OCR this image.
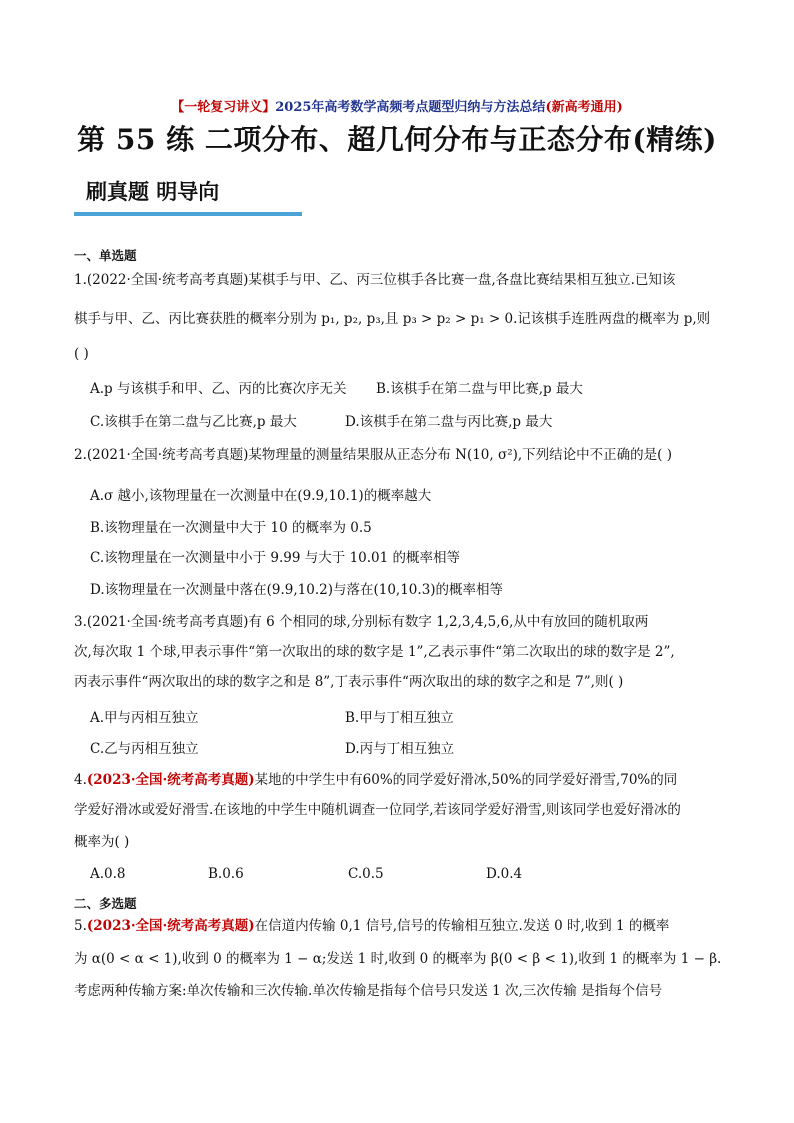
【一轮复习讲义】2025年高考数学高频考点题型归纳与方法总结(新高考通用)
第 55 练 二项分布、超几何分布与正态分布(精练)
刷真题 明导向
一、单选题
1.(2022·全国·统考高考真题)某棋手与甲、乙、丙三位棋手各比赛一盘,各盘比赛结果相互独立.已知该
棋手与甲、乙、丙比赛获胜的概率分别为 p₁, p₂, p₃,且 p₃ > p₂ > p₁ > 0.记该棋手连胜两盘的概率为 p,则
( )
A.p 与该棋手和甲、乙、丙的比赛次序无关 B.该棋手在第二盘与甲比赛,p 最大
C.该棋手在第二盘与乙比赛,p 最大	D.该棋手在第二盘与丙比赛,p 最大
2.(2021·全国·统考高考真题)某物理量的测量结果服从正态分布 N(10, σ²),下列结论中不正确的是( )
A.σ 越小,该物理量在一次测量中在(9.9,10.1)的概率越大
B.该物理量在一次测量中大于 10 的概率为 0.5
C.该物理量在一次测量中小于 9.99 与大于 10.01 的概率相等
D.该物理量在一次测量中落在(9.9,10.2)与落在(10,10.3)的概率相等
3.(2021·全国·统考高考真题)有 6 个相同的球,分别标有数字 1,2,3,4,5,6,从中有放回的随机取两
次,每次取 1 个球,甲表示事件“第一次取出的球的数字是 1”,乙表示事件“第二次取出的球的数字是 2”,
丙表示事件“两次取出的球的数字之和是 8”,丁表示事件“两次取出的球的数字之和是 7”,则( )
A.甲与丙相互独立	B.甲与丁相互独立
C.乙与丙相互独立	D.丙与丁相互独立
4.(2023·全国·统考高考真题)某地的中学生中有60%的同学爱好滑冰,50%的同学爱好滑雪,70%的同
学爱好滑冰或爱好滑雪.在该地的中学生中随机调查一位同学,若该同学爱好滑雪,则该同学也爱好滑冰的
概率为( )
A.0.8	B.0.6	C.0.5	D.0.4
二、多选题
5.(2023·全国·统考高考真题)在信道内传输 0,1 信号,信号的传输相互独立.发送 0 时,收到 1 的概率
为 α(0 < α < 1),收到 0 的概率为 1 − α;发送 1 时,收到 0 的概率为 β(0 < β < 1),收到 1 的概率为 1 − β.
考虑两种传输方案:单次传输和三次传输.单次传输是指每个信号只发送 1 次,三次传输 是指每个信号
